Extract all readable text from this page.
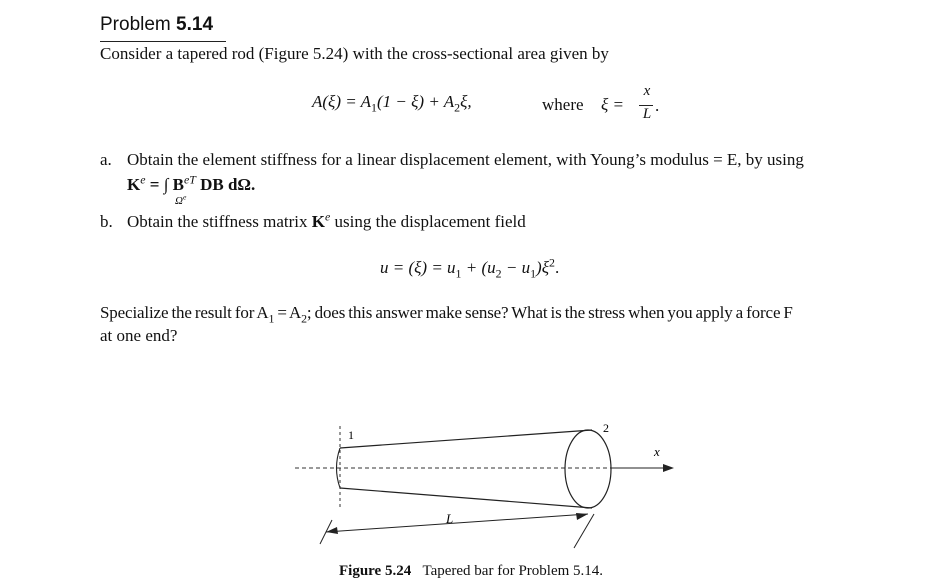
Problem 5.14
Consider a tapered rod (Figure 5.24) with the cross-sectional area given by
$A(\xi) = A_1(1 - \xi) + A_2\xi$,	where ξ =
x
L .
a. Obtain the element stiffness for a linear displacement element, with Young’s modulus = E, by using
$K^e$ = ∫ $B^{eT}$ DB dΩ.
$\Omega^e$
b. Obtain the stiffness matrix $K^e$ using the displacement field
$u = (\xi) = u_1 + (u_2 - u_1)\xi^2$.
Specialize the result for $A_1 = A_2$; does this answer make sense? What is the stress when you apply a force F
at one end?
1	2
x
L
Figure 5.24 Tapered bar for Problem 5.14.
